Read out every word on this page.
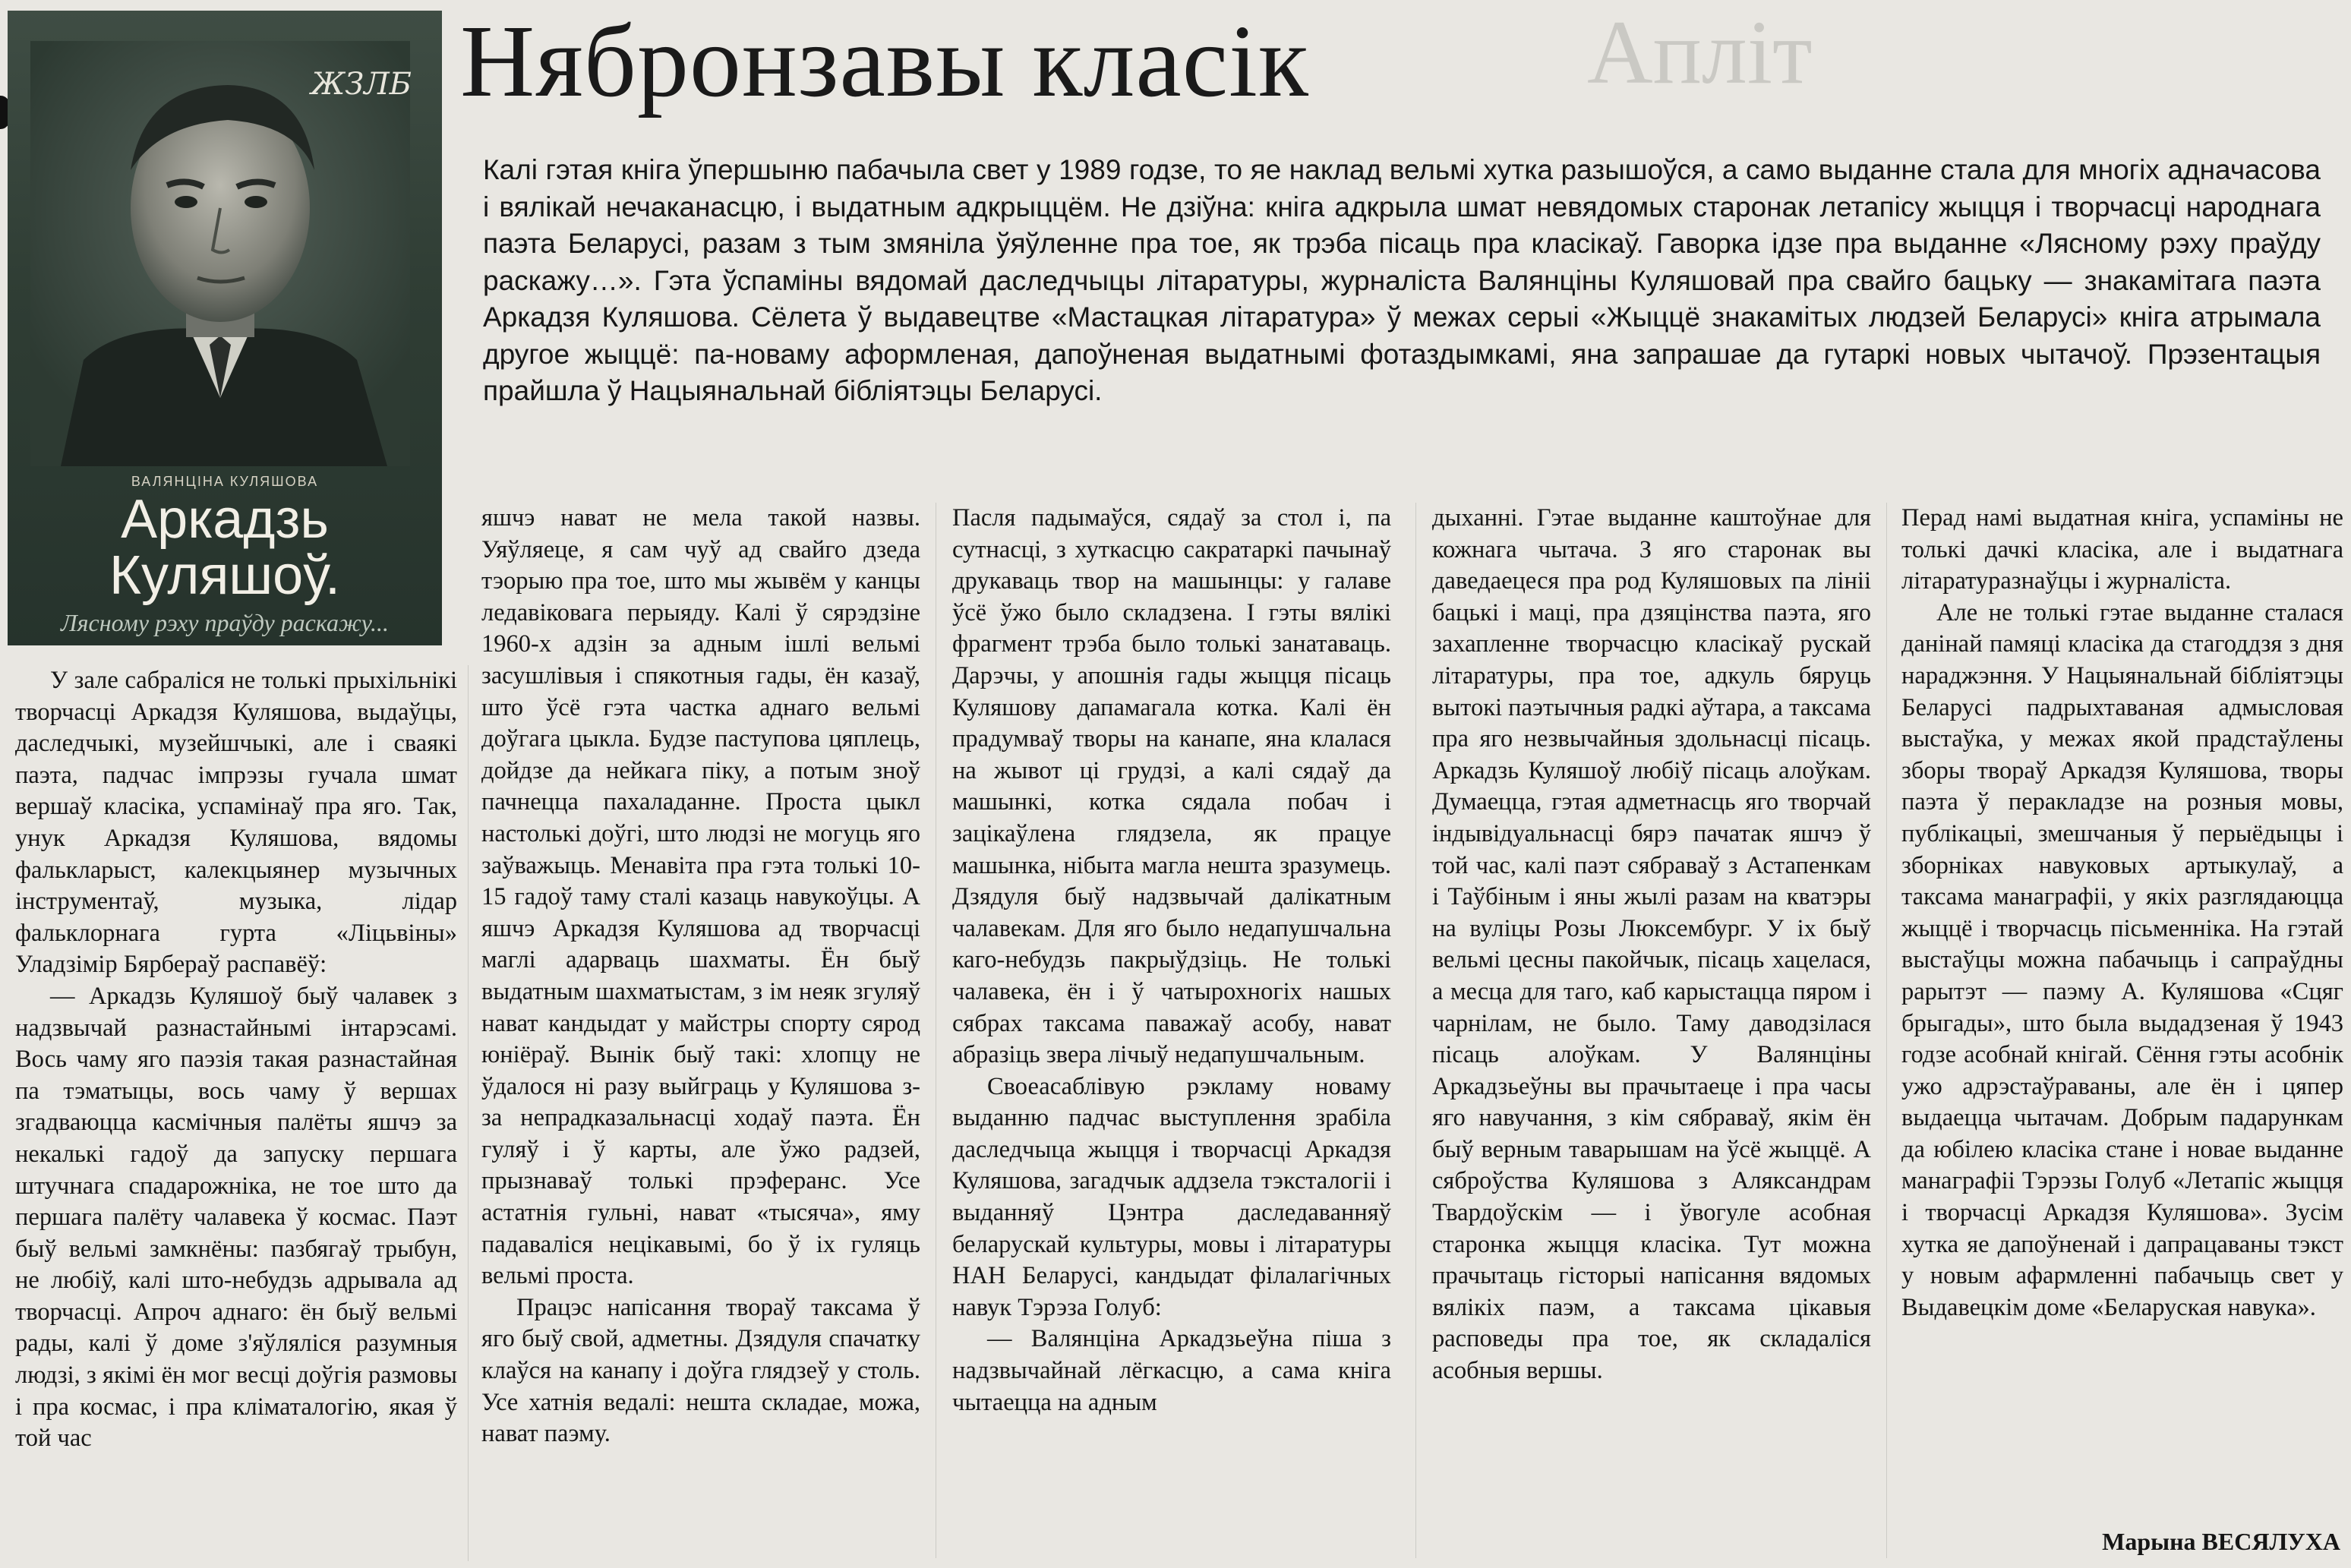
ЖЗЛБ
ВАЛЯНЦІНА КУЛЯШОВА
Аркадзь
Куляшоў.
Лясному рэху праўду раскажу...
Нябронзавы класік	Апліт

Калі гэтая кніга ўпершыню пабачыла свет у 1989 годзе, то яе наклад вельмі хутка разышоўся, а само выданне стала для многіх адначасова і вялікай нечаканасцю, і выдатным адкрыццём. Не дзіўна: кніга адкрыла шмат невядомых старонак летапісу жыцця і творчасці народнага паэта Беларусі, разам з тым змяніла ўяўленне пра тое, як трэба пісаць пра класікаў. Гаворка ідзе пра выданне «Лясному рэху праўду раскажу…». Гэта ўспаміны вядомай даследчыцы літаратуры, журналіста Валянціны Куляшовай пра свайго бацьку — знакамітага паэта Аркадзя Куляшова. Сёлета ў выдавецтве «Мастацкая літаратура» ў межах серыі «Жыццё знакамітых людзей Беларусі» кніга атрымала другое жыццё: па-новаму аформленая, дапоўненая выдатнымі фотаздымкамі, яна запрашае да гутаркі новых чытачоў. Прэзентацыя прайшла ў Нацыянальнай бібліятэцы Беларусі.

У зале сабраліся не толькі прыхільнікі творчасці Аркадзя Куляшова, выдаўцы, даследчыкі, музейшчыкі, але і сваякі паэта, падчас імпрэзы гучала шмат вершаў класіка, успамінаў пра яго. Так, унук Аркадзя Куляшова, вядомы фалькларыст, калекцыянер музычных інструментаў, музыка, лідар фальклорнага гурта «Ліцьвіны» Уладзімір Бярбераў распавёў:

— Аркадзь Куляшоў быў чалавек з надзвычай разнастайнымі інтарэсамі. Вось чаму яго паэзія такая разнастайная па тэматыцы, вось чаму ў вершах згадваюцца касмічныя палёты яшчэ за некалькі гадоў да запуску першага штучнага спадарожніка, не тое што да першага палёту чалавека ў космас. Паэт быў вельмі замкнёны: пазбягаў трыбун, не любіў, калі што-небудзь адрывала ад творчасці. Апроч аднаго: ён быў вельмі рады, калі ў доме з'яўляліся разумныя людзі, з якімі ён мог весці доўгія размовы і пра космас, і пра кліматалогію, якая ў той час

яшчэ нават не мела такой назвы. Уяўляеце, я сам чуў ад свайго дзеда тэорыю пра тое, што мы жывём у канцы ледавіковага перыяду. Калі ў сярэдзіне 1960-х адзін за адным ішлі вельмі засушлівыя і спякотныя гады, ён казаў, што ўсё гэта частка аднаго вельмі доўгага цыкла. Будзе паступова цяплець, дойдзе да нейкага піку, а потым зноў пачнецца пахаладанне. Проста цыкл настолькі доўгі, што людзі не могуць яго заўважыць. Менавіта пра гэта толькі 10-15 гадоў таму сталі казаць навукоўцы. А яшчэ Аркадзя Куляшова ад творчасці маглі адарваць шахматы. Ён быў выдатным шахматыстам, з ім неяк згуляў нават кандыдат у майстры спорту сярод юніёраў. Вынік быў такі: хлопцу не ўдалося ні разу выйграць у Куляшова з-за непрадказальнасці ходаў паэта. Ён гуляў і ў карты, але ўжо радзей, прызнаваў толькі прэферанс. Усе астатнія гульні, нават «тысяча», яму падаваліся нецікавымі, бо ў іх гуляць вельмі проста.

Працэс напісання твораў таксама ў яго быў свой, адметны. Дзядуля спачатку клаўся на канапу і доўга глядзеў у столь. Усе хатнія ведалі: нешта складае, можа, нават паэму.

Пасля падымаўся, сядаў за стол і, па сутнасці, з хуткасцю сакратаркі пачынаў друкаваць твор на машынцы: у галаве ўсё ўжо было складзена. І гэты вялікі фрагмент трэба было толькі занатаваць. Дарэчы, у апошнія гады жыцця пісаць Куляшову дапамагала котка. Калі ён прадумваў творы на канапе, яна клалася на жывот ці грудзі, а калі сядаў да машынкі, котка сядала побач і зацікаўлена глядзела, як працуе машынка, нібыта магла нешта зразумець. Дзядуля быў надзвычай далікатным чалавекам. Для яго было недапушчальна каго-небудзь пакрыўдзіць. Не толькі чалавека, ён і ў чатырохногіх нашых сябрах таксама паважаў асобу, нават абразіць звера лічыў недапушчальным.

Своеасаблівую рэкламу новаму выданню падчас выступлення зрабіла даследчыца жыцця і творчасці Аркадзя Куляшова, загадчык аддзела тэксталогіі і выданняў Цэнтра даследаванняў беларускай культуры, мовы і літаратуры НАН Беларусі, кандыдат філалагічных навук Тэрэза Голуб:

— Валянціна Аркадзьеўна піша з надзвычайнай лёгкасцю, а сама кніга чытаецца на адным

дыханні. Гэтае выданне каштоўнае для кожнага чытача. З яго старонак вы даведаецеся пра род Куляшовых па лініі бацькі і маці, пра дзяцінства паэта, яго захапленне творчасцю класікаў рускай літаратуры, пра тое, адкуль бяруць вытокі паэтычныя радкі аўтара, а таксама пра яго незвычайныя здольнасці пісаць. Аркадзь Куляшоў любіў пісаць алоўкам. Думаецца, гэтая адметнасць яго творчай індывідуальнасці бярэ пачатак яшчэ ў той час, калі паэт сябраваў з Астапенкам і Таўбіным і яны жылі разам на кватэры на вуліцы Розы Люксембург. У іх быў вельмі цесны пакойчык, пісаць хацелася, а месца для таго, каб карыстацца пяром і чарнілам, не было. Таму даводзілася пісаць алоўкам. У Валянціны Аркадзьеўны вы прачытаеце і пра часы яго навучання, з кім сябраваў, якім ён быў верным таварышам на ўсё жыццё. А сяброўства Куляшова з Аляксандрам Твардоўскім — і ўвогуле асобная старонка жыцця класіка. Тут можна прачытаць гісторыі напісання вядомых вялікіх паэм, а таксама цікавыя расповеды пра тое, як складаліся асобныя вершы.

Перад намі выдатная кніга, успаміны не толькі дачкі класіка, але і выдатнага літаратуразнаўцы і журналіста.

Але не толькі гэтае выданне сталася данінай памяці класіка да стагоддзя з дня нараджэння. У Нацыянальнай бібліятэцы Беларусі падрыхтаваная адмысловая выстаўка, у межах якой прадстаўлены зборы твораў Аркадзя Куляшова, творы паэта ў перакладзе на розныя мовы, публікацыі, змешчаныя ў перыёдыцы і зборніках навуковых артыкулаў, а таксама манаграфіі, у якіх разглядаюцца жыццё і творчасць пісьменніка. На гэтай выстаўцы можна пабачыць і сапраўдны рарытэт — паэму А. Куляшова «Сцяг брыгады», што была выдадзеная ў 1943 годзе асобнай кнігай. Сёння гэты асобнік ужо адрэстаўраваны, але ён і цяпер выдаецца чытачам. Добрым падарункам да юбілею класіка стане і новае выданне манаграфіі Тэрэзы Голуб «Летапіс жыцця і творчасці Аркадзя Куляшова». Зусім хутка яе дапоўненай і дапрацаваны тэкст у новым афармленні пабачыць свет у Выдавецкім доме «Беларуская навука».

Марына ВЕСЯЛУХА
